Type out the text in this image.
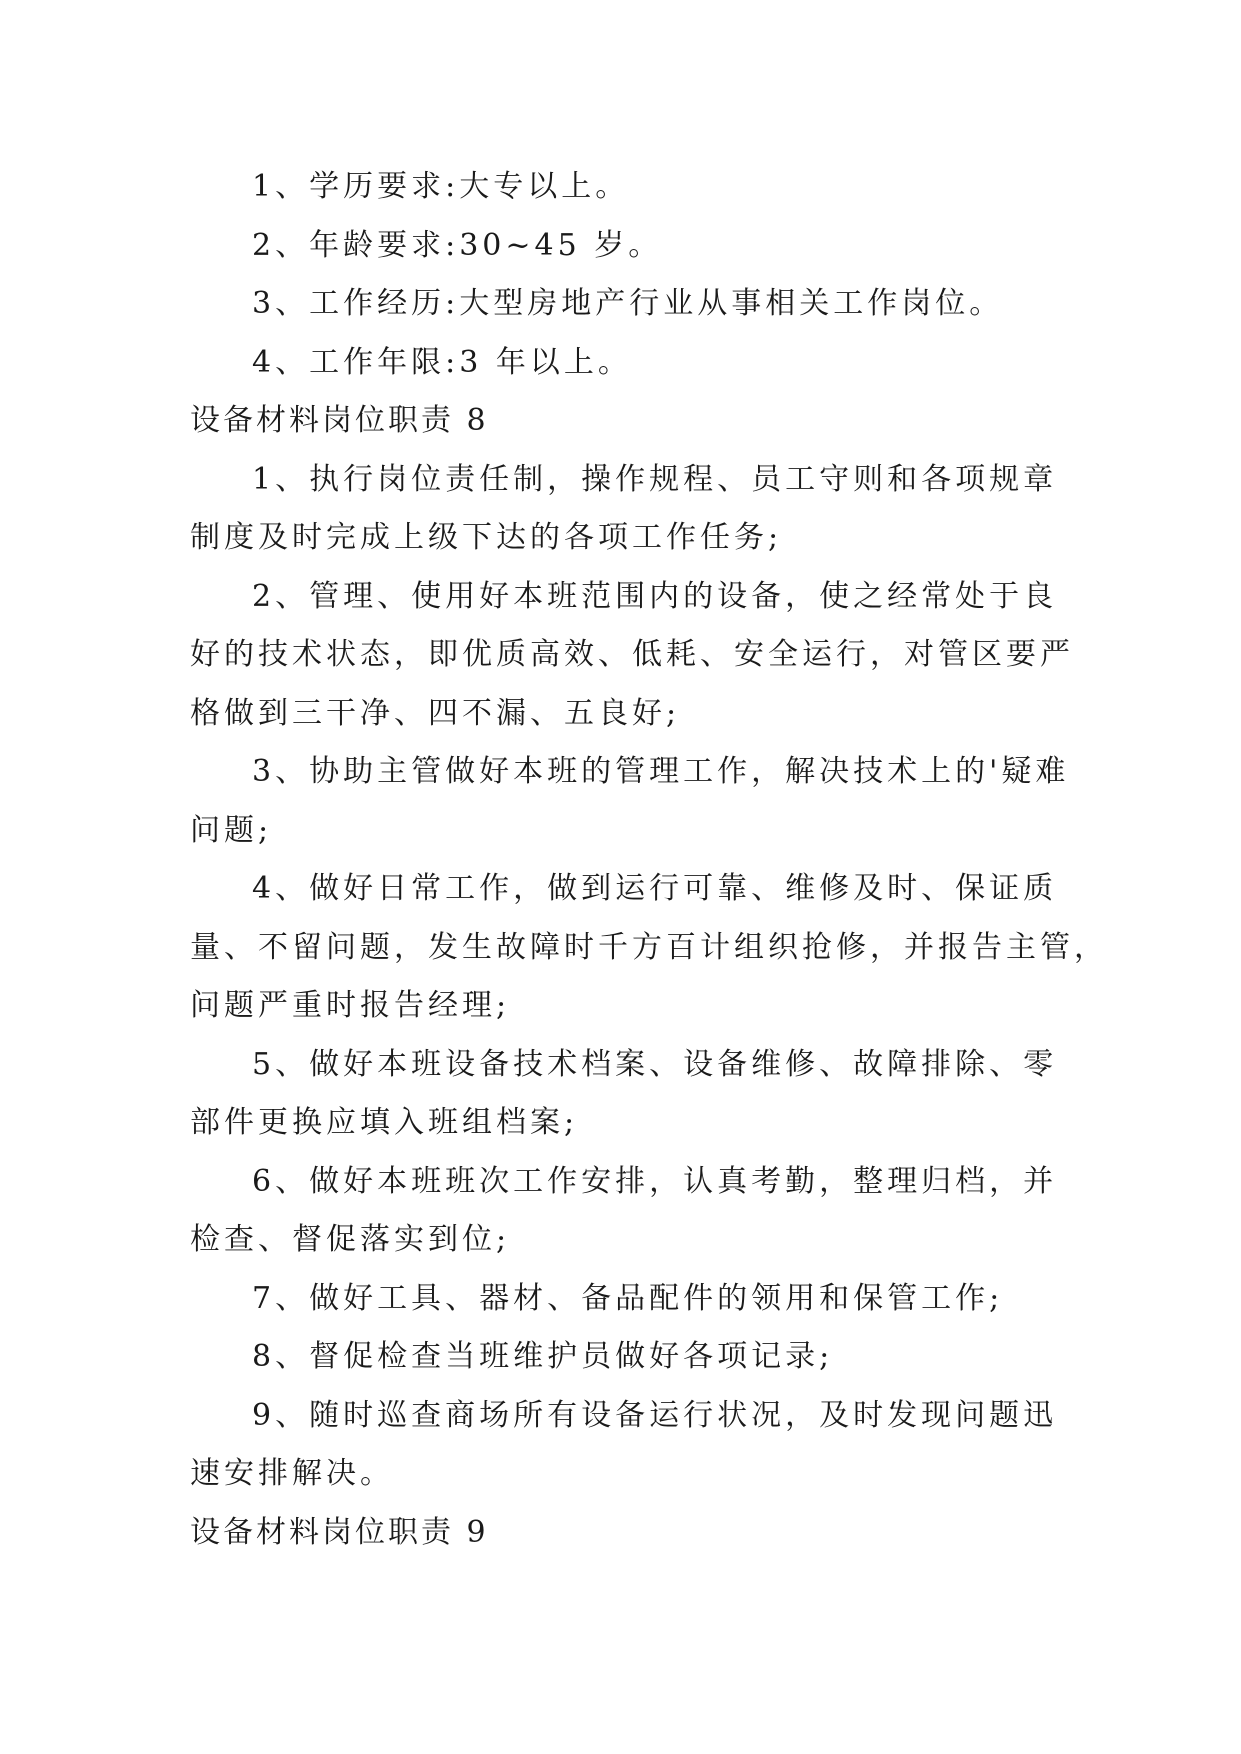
1、学历要求:大专以上。

2、年龄要求:30~45 岁。

3、工作经历:大型房地产行业从事相关工作岗位。

4、工作年限:3 年以上。

设备材料岗位职责 8

1、执行岗位责任制，操作规程、员工守则和各项规章

制度及时完成上级下达的各项工作任务;

2、管理、使用好本班范围内的设备，使之经常处于良

好的技术状态，即优质高效、低耗、安全运行，对管区要严

格做到三干净、四不漏、五良好;

3、协助主管做好本班的管理工作，解决技术上的'疑难

问题;

4、做好日常工作，做到运行可靠、维修及时、保证质

量、不留问题，发生故障时千方百计组织抢修，并报告主管，

问题严重时报告经理;

5、做好本班设备技术档案、设备维修、故障排除、零

部件更换应填入班组档案;

6、做好本班班次工作安排，认真考勤，整理归档，并

检查、督促落实到位;

7、做好工具、器材、备品配件的领用和保管工作;

8、督促检查当班维护员做好各项记录;

9、随时巡查商场所有设备运行状况，及时发现问题迅

速安排解决。

设备材料岗位职责 9
